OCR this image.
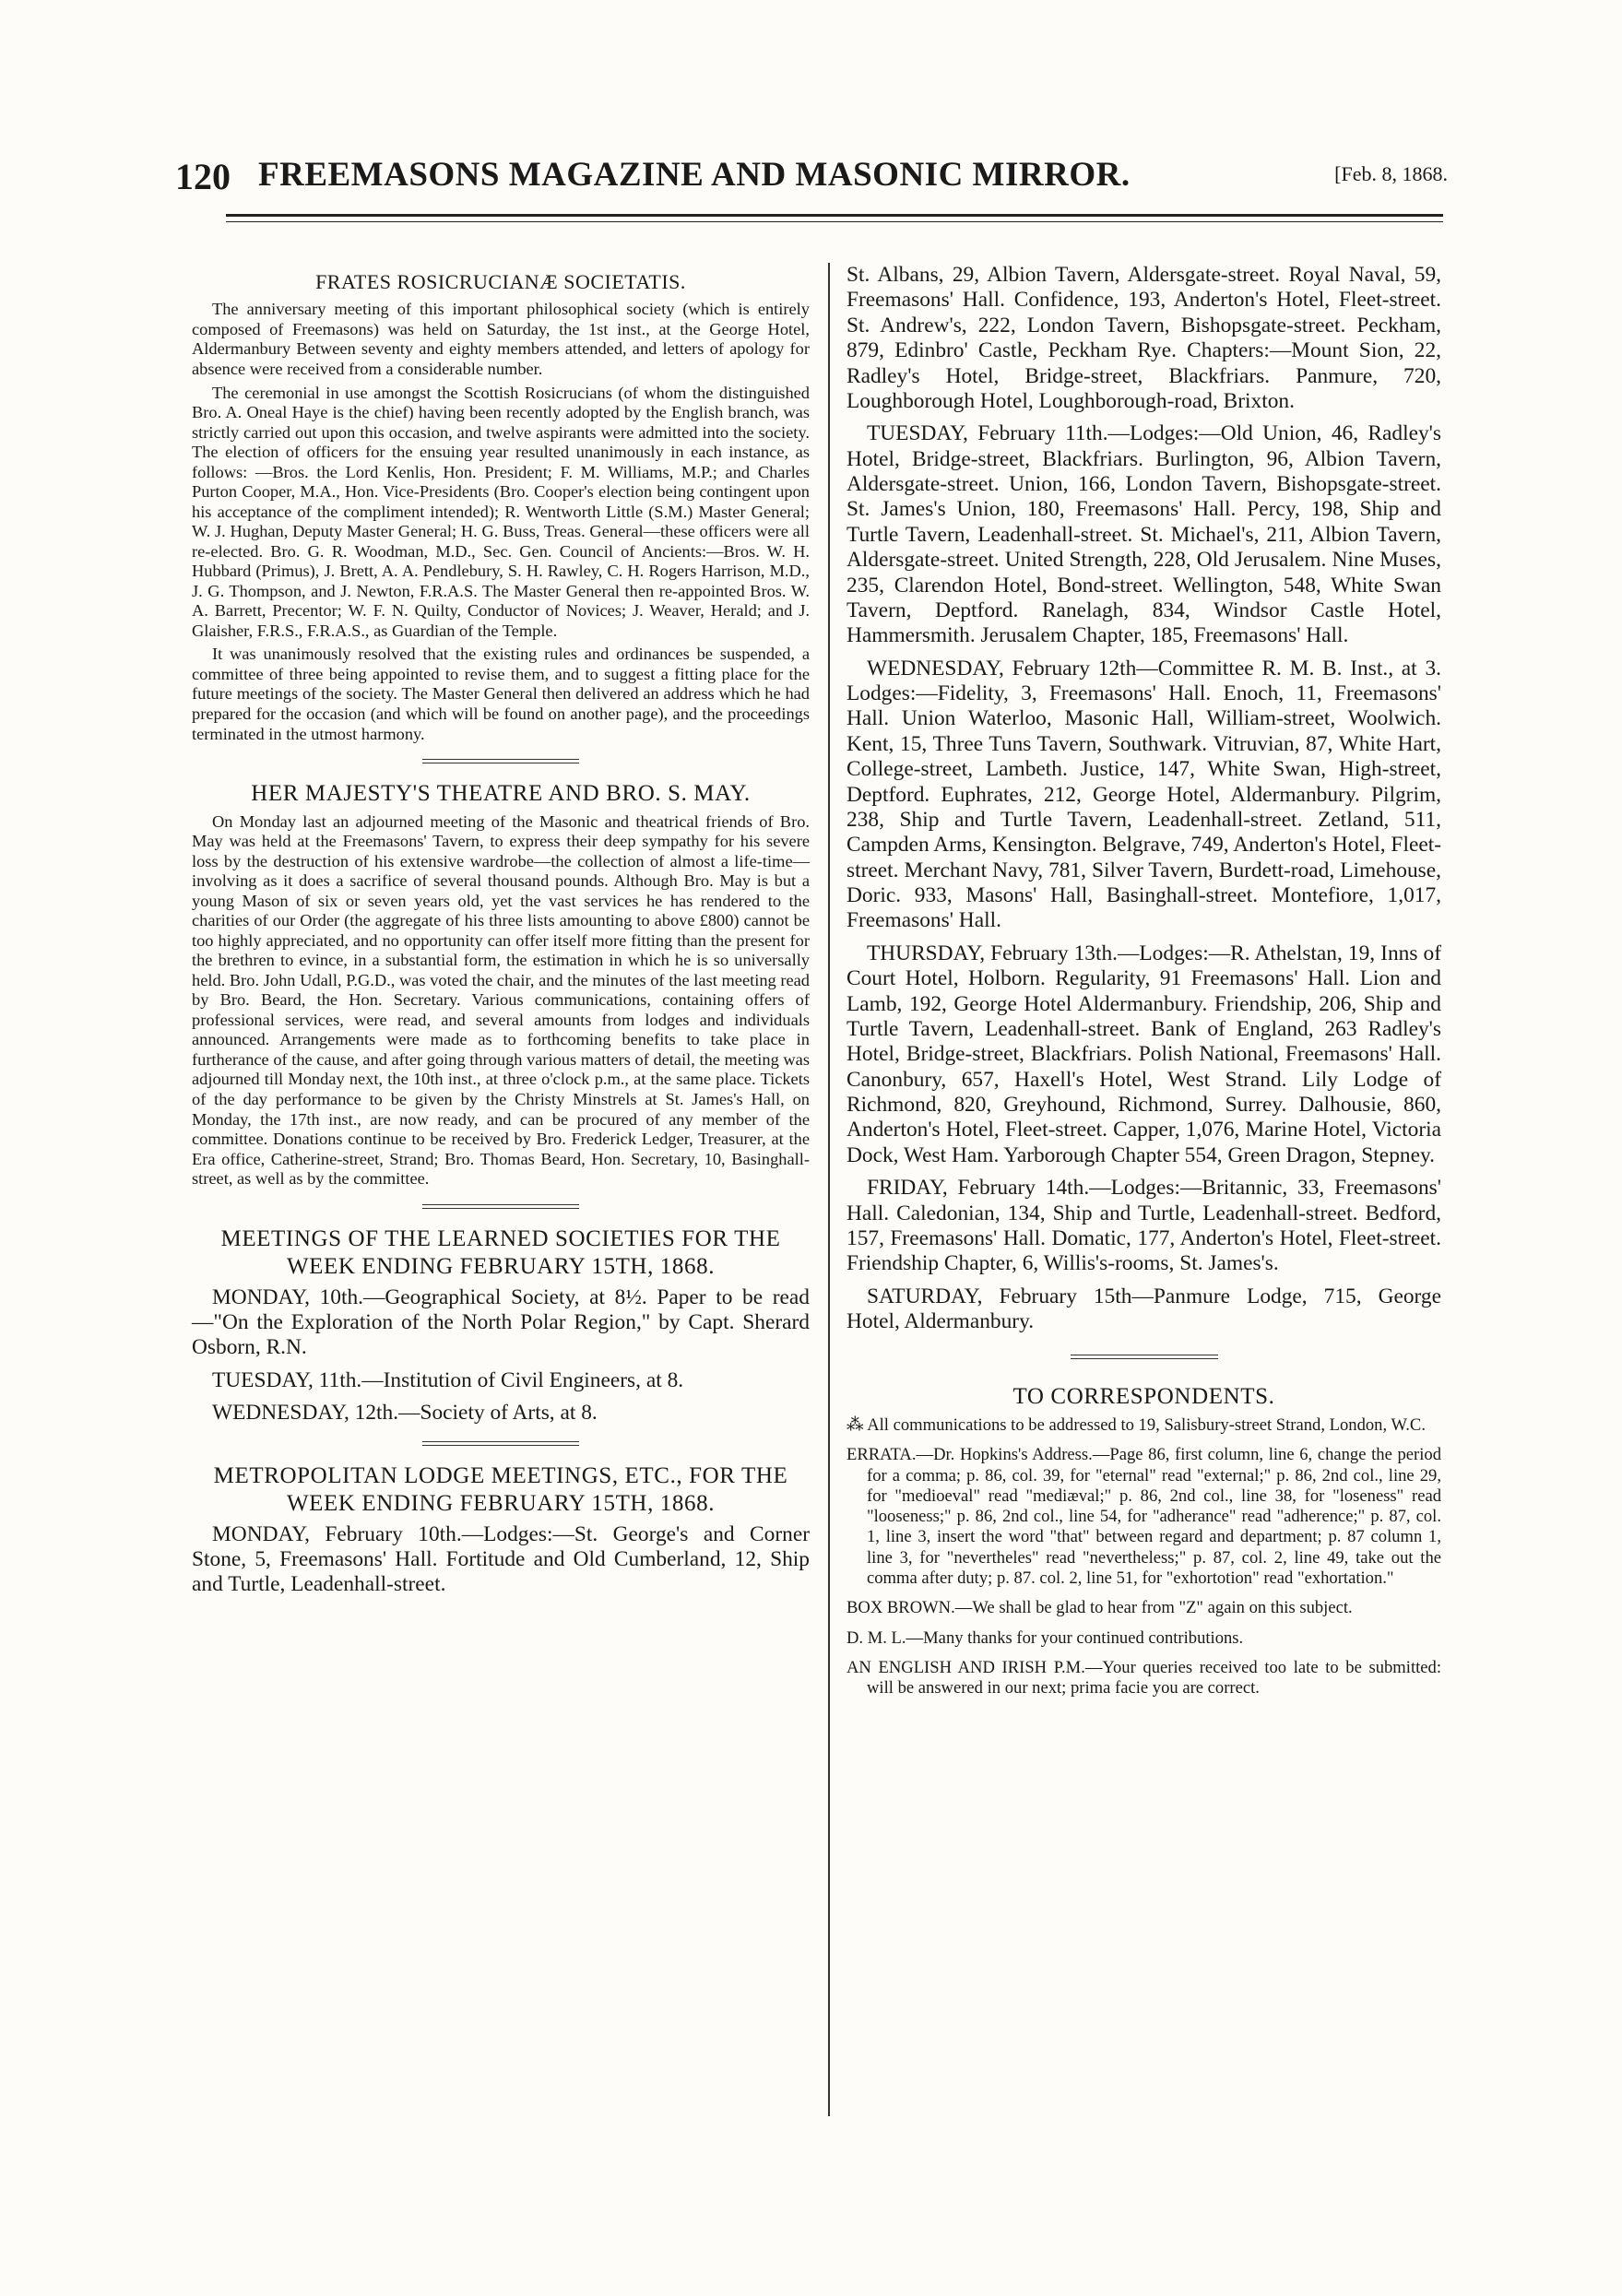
120 FREEMASONS MAGAZINE AND MASONIC MIRROR.	[Feb. 8, 1868.
FRATES ROSICRUCIANÆ SOCIETATIS.

The anniversary meeting of this important philosophical society (which is entirely composed of Freemasons) was held on Saturday, the 1st inst., at the George Hotel, Aldermanbury Between seventy and eighty members attended, and letters of apology for absence were received from a considerable number.

The ceremonial in use amongst the Scottish Rosicrucians (of whom the distinguished Bro. A. Oneal Haye is the chief) having been recently adopted by the English branch, was strictly carried out upon this occasion, and twelve aspirants were admitted into the society. The election of officers for the ensuing year resulted unanimously in each instance, as follows: —Bros. the Lord Kenlis, Hon. President; F. M. Williams, M.P.; and Charles Purton Cooper, M.A., Hon. Vice-Presidents (Bro. Cooper's election being contingent upon his acceptance of the compliment intended); R. Wentworth Little (S.M.) Master General; W. J. Hughan, Deputy Master General; H. G. Buss, Treas. General—these officers were all re-elected. Bro. G. R. Woodman, M.D., Sec. Gen. Council of Ancients:—Bros. W. H. Hubbard (Primus), J. Brett, A. A. Pendlebury, S. H. Rawley, C. H. Rogers Harrison, M.D., J. G. Thompson, and J. Newton, F.R.A.S. The Master General then re-appointed Bros. W. A. Barrett, Precentor; W. F. N. Quilty, Conductor of Novices; J. Weaver, Herald; and J. Glaisher, F.R.S., F.R.A.S., as Guardian of the Temple.

It was unanimously resolved that the existing rules and ordinances be suspended, a committee of three being appointed to revise them, and to suggest a fitting place for the future meetings of the society. The Master General then delivered an address which he had prepared for the occasion (and which will be found on another page), and the proceedings terminated in the utmost harmony.

HER MAJESTY'S THEATRE AND BRO. S. MAY.

On Monday last an adjourned meeting of the Masonic and theatrical friends of Bro. May was held at the Freemasons' Tavern, to express their deep sympathy for his severe loss by the destruction of his extensive wardrobe—the collection of almost a life-time—involving as it does a sacrifice of several thousand pounds. Although Bro. May is but a young Mason of six or seven years old, yet the vast services he has rendered to the charities of our Order (the aggregate of his three lists amounting to above £800) cannot be too highly appreciated, and no opportunity can offer itself more fitting than the present for the brethren to evince, in a substantial form, the estimation in which he is so universally held. Bro. John Udall, P.G.D., was voted the chair, and the minutes of the last meeting read by Bro. Beard, the Hon. Secretary. Various communications, containing offers of professional services, were read, and several amounts from lodges and individuals announced. Arrangements were made as to forthcoming benefits to take place in furtherance of the cause, and after going through various matters of detail, the meeting was adjourned till Monday next, the 10th inst., at three o'clock p.m., at the same place. Tickets of the day performance to be given by the Christy Minstrels at St. James's Hall, on Monday, the 17th inst., are now ready, and can be procured of any member of the committee. Donations continue to be received by Bro. Frederick Ledger, Treasurer, at the Era office, Catherine-street, Strand; Bro. Thomas Beard, Hon. Secretary, 10, Basinghall-street, as well as by the committee.

MEETINGS OF THE LEARNED SOCIETIES FOR THE WEEK ENDING FEBRUARY 15TH, 1868.

MONDAY, 10th.—Geographical Society, at 8½. Paper to be read—"On the Exploration of the North Polar Region," by Capt. Sherard Osborn, R.N.

TUESDAY, 11th.—Institution of Civil Engineers, at 8.

WEDNESDAY, 12th.—Society of Arts, at 8.

METROPOLITAN LODGE MEETINGS, ETC., FOR THE WEEK ENDING FEBRUARY 15TH, 1868.

MONDAY, February 10th.—Lodges:—St. George's and Corner Stone, 5, Freemasons' Hall. Fortitude and Old Cumberland, 12, Ship and Turtle, Leadenhall-street.

St. Albans, 29, Albion Tavern, Aldersgate-street. Royal Naval, 59, Freemasons' Hall. Confidence, 193, Anderton's Hotel, Fleet-street. St. Andrew's, 222, London Tavern, Bishopsgate-street. Peckham, 879, Edinbro' Castle, Peckham Rye. Chapters:—Mount Sion, 22, Radley's Hotel, Bridge-street, Blackfriars. Panmure, 720, Loughborough Hotel, Loughborough-road, Brixton.

TUESDAY, February 11th.—Lodges:—Old Union, 46, Radley's Hotel, Bridge-street, Blackfriars. Burlington, 96, Albion Tavern, Aldersgate-street. Union, 166, London Tavern, Bishopsgate-street. St. James's Union, 180, Freemasons' Hall. Percy, 198, Ship and Turtle Tavern, Leadenhall-street. St. Michael's, 211, Albion Tavern, Aldersgate-street. United Strength, 228, Old Jerusalem. Nine Muses, 235, Clarendon Hotel, Bond-street. Wellington, 548, White Swan Tavern, Deptford. Ranelagh, 834, Windsor Castle Hotel, Hammersmith. Jerusalem Chapter, 185, Freemasons' Hall.

WEDNESDAY, February 12th—Committee R. M. B. Inst., at 3. Lodges:—Fidelity, 3, Freemasons' Hall. Enoch, 11, Freemasons' Hall. Union Waterloo, Masonic Hall, William-street, Woolwich. Kent, 15, Three Tuns Tavern, Southwark. Vitruvian, 87, White Hart, College-street, Lambeth. Justice, 147, White Swan, High-street, Deptford. Euphrates, 212, George Hotel, Aldermanbury. Pilgrim, 238, Ship and Turtle Tavern, Leadenhall-street. Zetland, 511, Campden Arms, Kensington. Belgrave, 749, Anderton's Hotel, Fleet-street. Merchant Navy, 781, Silver Tavern, Burdett-road, Limehouse, Doric. 933, Masons' Hall, Basinghall-street. Montefiore, 1,017, Freemasons' Hall.

THURSDAY, February 13th.—Lodges:—R. Athelstan, 19, Inns of Court Hotel, Holborn. Regularity, 91 Freemasons' Hall. Lion and Lamb, 192, George Hotel Aldermanbury. Friendship, 206, Ship and Turtle Tavern, Leadenhall-street. Bank of England, 263 Radley's Hotel, Bridge-street, Blackfriars. Polish National, Freemasons' Hall. Canonbury, 657, Haxell's Hotel, West Strand. Lily Lodge of Richmond, 820, Greyhound, Richmond, Surrey. Dalhousie, 860, Anderton's Hotel, Fleet-street. Capper, 1,076, Marine Hotel, Victoria Dock, West Ham. Yarborough Chapter 554, Green Dragon, Stepney.

FRIDAY, February 14th.—Lodges:—Britannic, 33, Freemasons' Hall. Caledonian, 134, Ship and Turtle, Leadenhall-street. Bedford, 157, Freemasons' Hall. Domatic, 177, Anderton's Hotel, Fleet-street. Friendship Chapter, 6, Willis's-rooms, St. James's.

SATURDAY, February 15th—Panmure Lodge, 715, George Hotel, Aldermanbury.

TO CORRESPONDENTS.

⁂ All communications to be addressed to 19, Salisbury-street Strand, London, W.C.

ERRATA.—Dr. Hopkins's Address.—Page 86, first column, line 6, change the period for a comma; p. 86, col. 39, for "eternal" read "external;" p. 86, 2nd col., line 29, for "medioeval" read "mediæval;" p. 86, 2nd col., line 38, for "loseness" read "looseness;" p. 86, 2nd col., line 54, for "adherance" read "adherence;" p. 87, col. 1, line 3, insert the word "that" between regard and department; p. 87 column 1, line 3, for "nevertheles" read "nevertheless;" p. 87, col. 2, line 49, take out the comma after duty; p. 87. col. 2, line 51, for "exhortotion" read "exhortation."

BOX BROWN.—We shall be glad to hear from "Z" again on this subject.

D. M. L.—Many thanks for your continued contributions.

AN ENGLISH AND IRISH P.M.—Your queries received too late to be submitted: will be answered in our next; prima facie you are correct.
